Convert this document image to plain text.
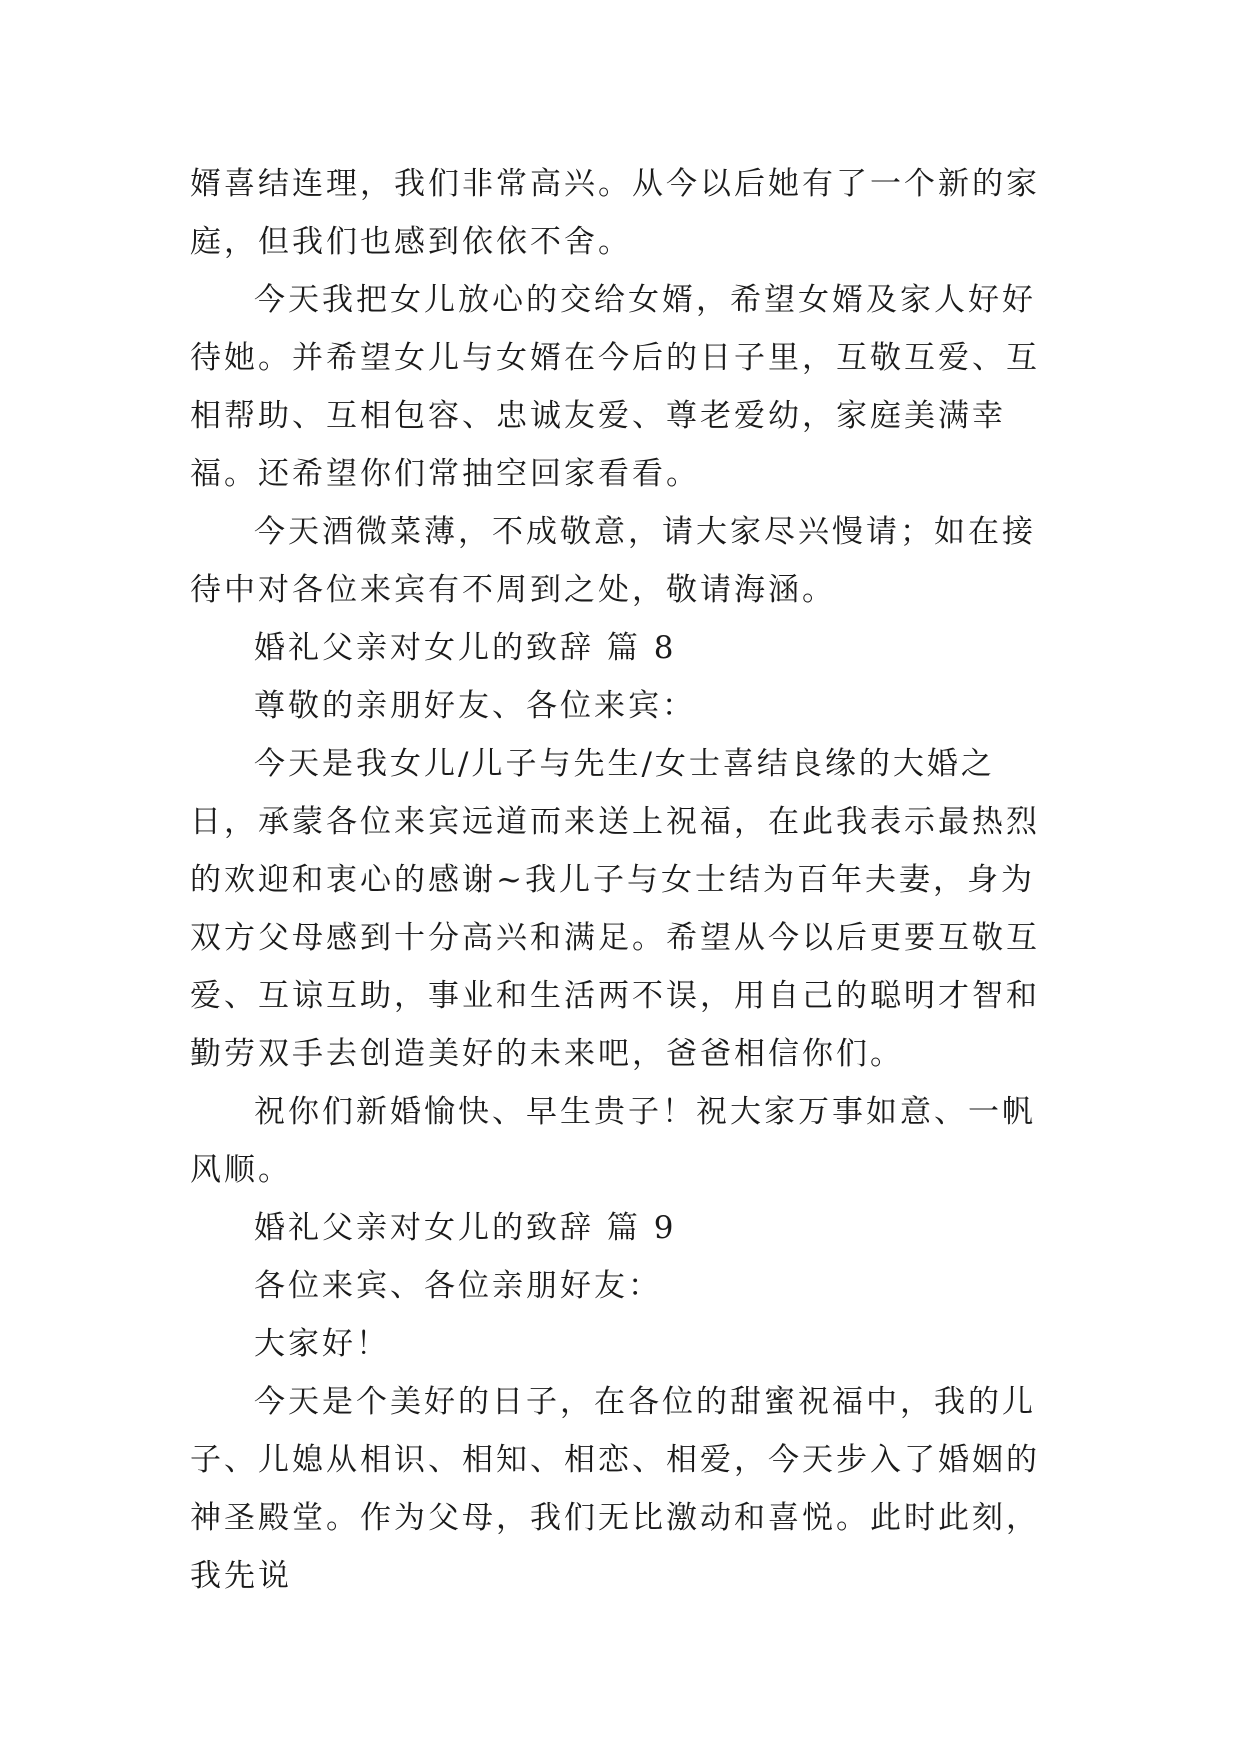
婿喜结连理，我们非常高兴。从今以后她有了一个新的家庭，但我们也感到依依不舍。

今天我把女儿放心的交给女婿，希望女婿及家人好好待她。并希望女儿与女婿在今后的日子里，互敬互爱、互相帮助、互相包容、忠诚友爱、尊老爱幼，家庭美满幸福。还希望你们常抽空回家看看。

今天酒微菜薄，不成敬意，请大家尽兴慢请；如在接待中对各位来宾有不周到之处，敬请海涵。

婚礼父亲对女儿的致辞 篇 8

尊敬的亲朋好友、各位来宾：

今天是我女儿/儿子与先生/女士喜结良缘的大婚之日，承蒙各位来宾远道而来送上祝福，在此我表示最热烈的欢迎和衷心的感谢~我儿子与女士结为百年夫妻，身为双方父母感到十分高兴和满足。希望从今以后更要互敬互爱、互谅互助，事业和生活两不误，用自己的聪明才智和勤劳双手去创造美好的未来吧，爸爸相信你们。

祝你们新婚愉快、早生贵子！祝大家万事如意、一帆风顺。

婚礼父亲对女儿的致辞 篇 9

各位来宾、各位亲朋好友：

大家好！

今天是个美好的日子，在各位的甜蜜祝福中，我的儿子、儿媳从相识、相知、相恋、相爱，今天步入了婚姻的神圣殿堂。作为父母，我们无比激动和喜悦。此时此刻，我先说
